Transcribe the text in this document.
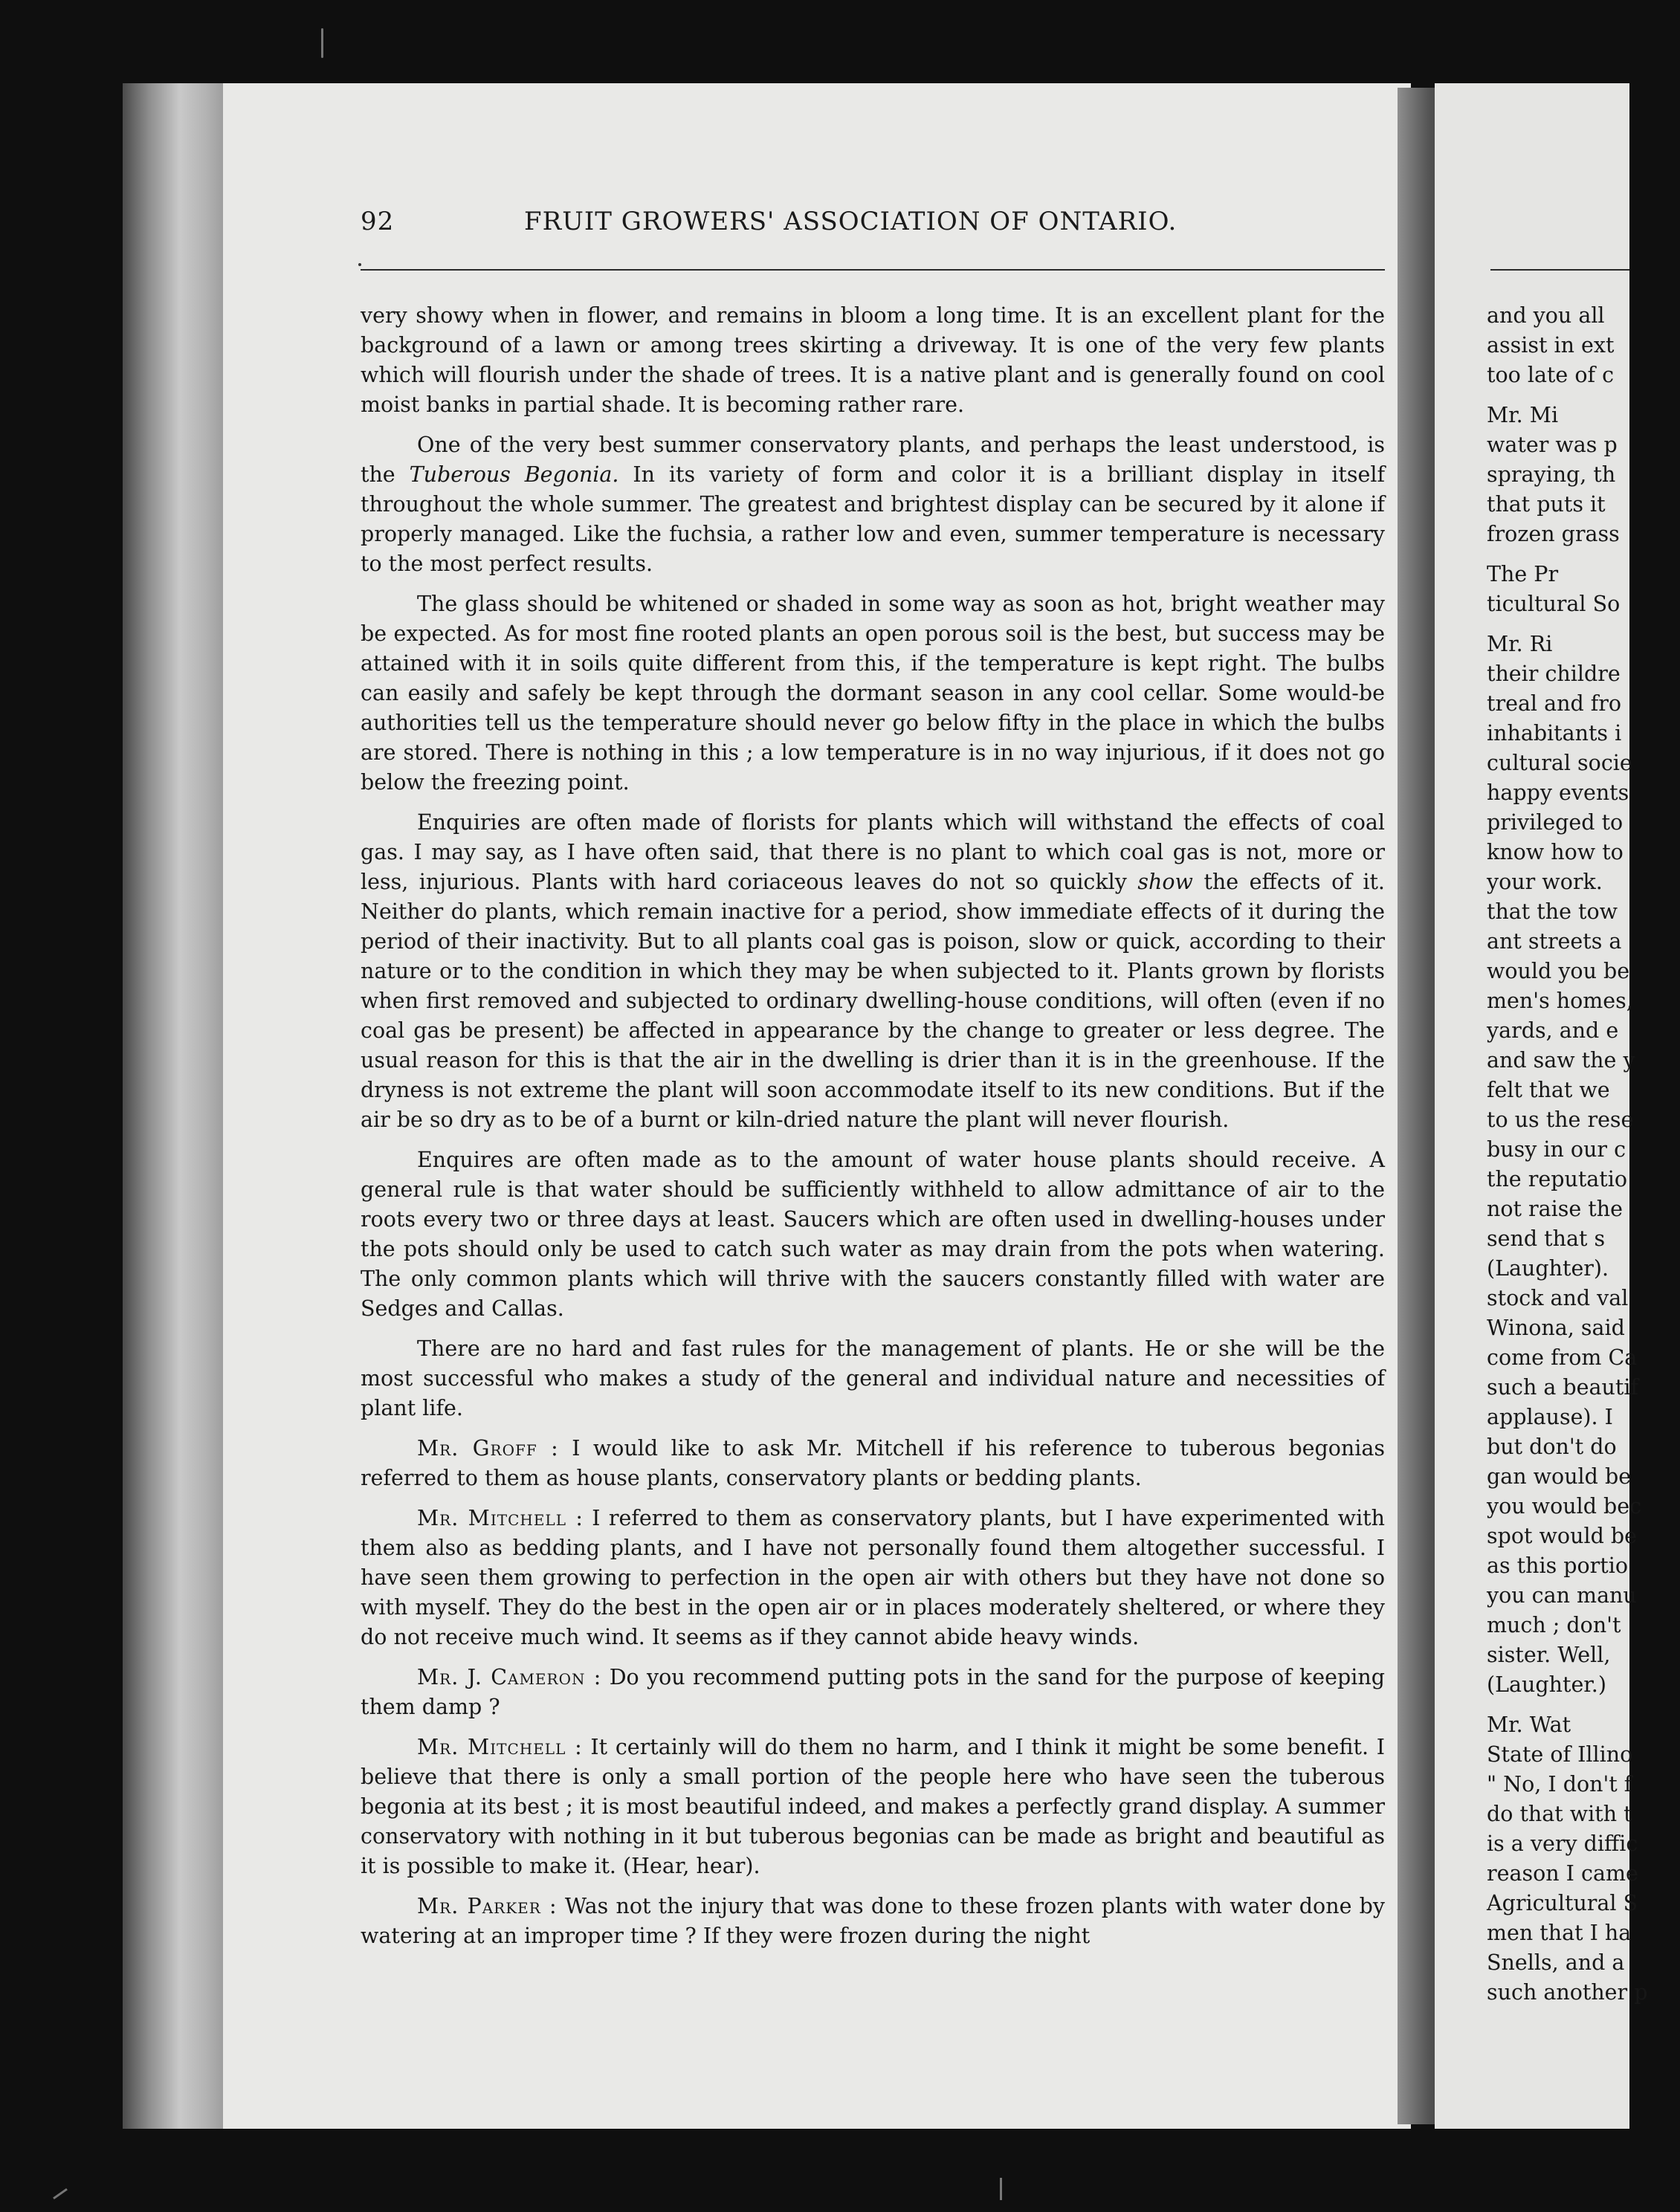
92	FRUIT GROWERS' ASSOCIATION OF ONTARIO.

very showy when in flower, and remains in bloom a long time. It is an excellent plant for the background of a lawn or among trees skirting a driveway. It is one of the very few plants which will flourish under the shade of trees. It is a native plant and is generally found on cool moist banks in partial shade. It is becoming rather rare.

One of the very best summer conservatory plants, and perhaps the least understood, is the Tuberous Begonia. In its variety of form and color it is a brilliant display in itself throughout the whole summer. The greatest and brightest display can be secured by it alone if properly managed. Like the fuchsia, a rather low and even, summer temperature is necessary to the most perfect results.

The glass should be whitened or shaded in some way as soon as hot, bright weather may be expected. As for most fine rooted plants an open porous soil is the best, but success may be attained with it in soils quite different from this, if the temperature is kept right. The bulbs can easily and safely be kept through the dormant season in any cool cellar. Some would-be authorities tell us the temperature should never go below fifty in the place in which the bulbs are stored. There is nothing in this ; a low temperature is in no way injurious, if it does not go below the freezing point.

Enquiries are often made of florists for plants which will withstand the effects of coal gas. I may say, as I have often said, that there is no plant to which coal gas is not, more or less, injurious. Plants with hard coriaceous leaves do not so quickly show the effects of it. Neither do plants, which remain inactive for a period, show immediate effects of it during the period of their inactivity. But to all plants coal gas is poison, slow or quick, according to their nature or to the condition in which they may be when subjected to it. Plants grown by florists when first removed and subjected to ordinary dwelling-house conditions, will often (even if no coal gas be present) be affected in appearance by the change to greater or less degree. The usual reason for this is that the air in the dwelling is drier than it is in the greenhouse. If the dryness is not extreme the plant will soon accommodate itself to its new conditions. But if the air be so dry as to be of a burnt or kiln-dried nature the plant will never flourish.

Enquires are often made as to the amount of water house plants should receive. A general rule is that water should be sufficiently withheld to allow admittance of air to the roots every two or three days at least. Saucers which are often used in dwelling-houses under the pots should only be used to catch such water as may drain from the pots when watering. The only common plants which will thrive with the saucers constantly filled with water are Sedges and Callas.

There are no hard and fast rules for the management of plants. He or she will be the most successful who makes a study of the general and individual nature and necessities of plant life.

Mr. Groff : I would like to ask Mr. Mitchell if his reference to tuberous begonias referred to them as house plants, conservatory plants or bedding plants.

Mr. Mitchell : I referred to them as conservatory plants, but I have experimented with them also as bedding plants, and I have not personally found them altogether successful. I have seen them growing to perfection in the open air with others but they have not done so with myself. They do the best in the open air or in places moderately sheltered, or where they do not receive much wind. It seems as if they cannot abide heavy winds.

Mr. J. Cameron : Do you recommend putting pots in the sand for the purpose of keeping them damp ?

Mr. Mitchell : It certainly will do them no harm, and I think it might be some benefit. I believe that there is only a small portion of the people here who have seen the tuberous begonia at its best ; it is most beautiful indeed, and makes a perfectly grand display. A summer conservatory with nothing in it but tuberous begonias can be made as bright and beautiful as it is possible to make it. (Hear, hear).

Mr. Parker : Was not the injury that was done to these frozen plants with water done by watering at an improper time ? If they were frozen during the night

and you all
assist in ext
too late of c
Mr. Mi
water was p
spraying, th
that puts it
frozen grass
The Pr
ticultural So
Mr. Ri
their childre
treal and fro
inhabitants i
cultural socie
happy events
privileged to
know how to
your work.
that the tow
ant streets a
would you be
men's homes,
yards, and e
and saw the y
felt that we
to us the rese
busy in our c
the reputatio
not raise the
send that s
(Laughter).
stock and val
Winona, said
come from Ca
such a beautif
applause). I
but don't do
gan would be
you would bec
spot would be
as this portio
you can manu
much ; don't
sister. Well,
(Laughter.)
Mr. Wat
State of Illino
" No, I don't f
do that with t
is a very diffic
reason I came
Agricultural S
men that I ha
Snells, and a
such another p
